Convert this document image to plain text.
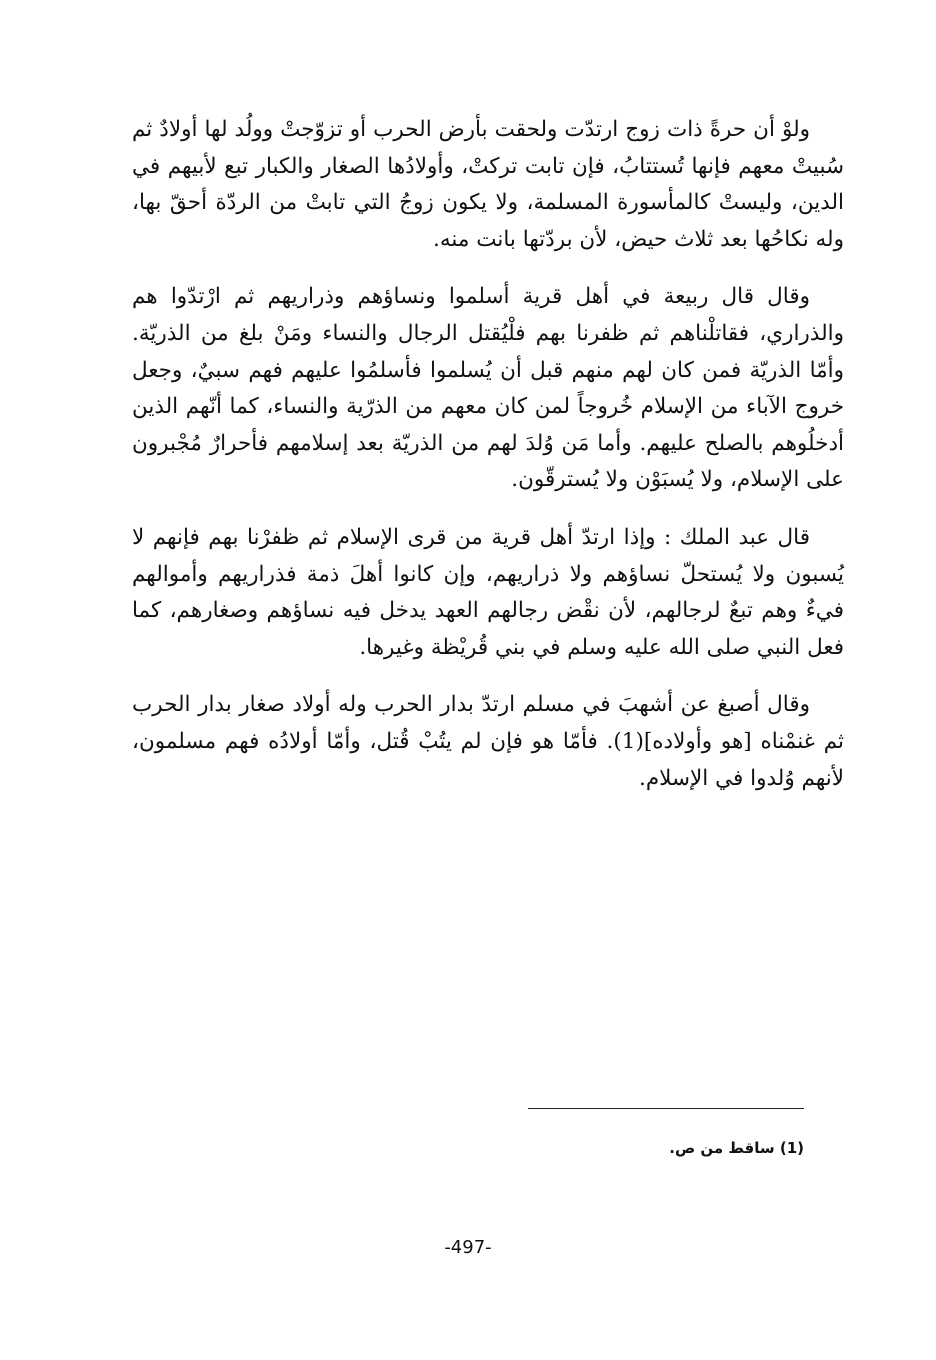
ولوْ أن حرةً ذات زوج ارتدّت ولحقت بأرض الحرب أو تزوّجتْ وولُد لها أولادٌ ثم سُبيتْ معهم فإنها تُستتابُ، فإن تابت تركتْ، وأولادُها الصغار والكبار تبع لأبيهم في الدين، وليستْ كالمأسورة المسلمة، ولا يكون زوجُ التي تابتْ من الردّة أحقّ بها، وله نكاحُها بعد ثلاث حيض، لأن بردّتها بانت منه.

وقال قال ربيعة في أهل قرية أسلموا ونساؤهم وذراريهم ثم ارْتدّوا هم والذراري، فقاتلْناهم ثم ظفرنا بهم فلْيُقتل الرجال والنساء ومَنْ بلغ من الذريّة. وأمّا الذريّة فمن كان لهم منهم قبل أن يُسلموا فأسلمُوا عليهم فهم سبيٌ، وجعل خروج الآباء من الإسلام خُروجاً لمن كان معهم من الذرّية والنساء، كما أنّهم الذين أدخلُوهم بالصلح عليهم. وأما مَن وُلدَ لهم من الذريّة بعد إسلامهم فأحرارٌ مُجْبرون على الإسلام، ولا يُسبَوْن ولا يُسترقّون.

قال عبد الملك : وإذا ارتدّ أهل قرية من قرى الإسلام ثم ظفرْنا بهم فإنهم لا يُسبون ولا يُستحلّ نساؤهم ولا ذراريهم، وإن كانوا أهلَ ذمة فذراريهم وأموالهم فيءٌ وهم تبعٌ لرجالهم، لأن نقْض رجالهم العهد يدخل فيه نساؤهم وصغارهم، كما فعل النبي صلى الله عليه وسلم في بني قُريْظة وغيرها.

وقال أصبغ عن أشهبَ في مسلم ارتدّ بدار الحرب وله أولاد صغار بدار الحرب ثم غنمْناه [هو وأولاده](1). فأمّا هو فإن لم يتُبْ قُتل، وأمّا أولادُه فهم مسلمون، لأنهم وُلدوا في الإسلام.

(1) ساقط من ص.
-497-
